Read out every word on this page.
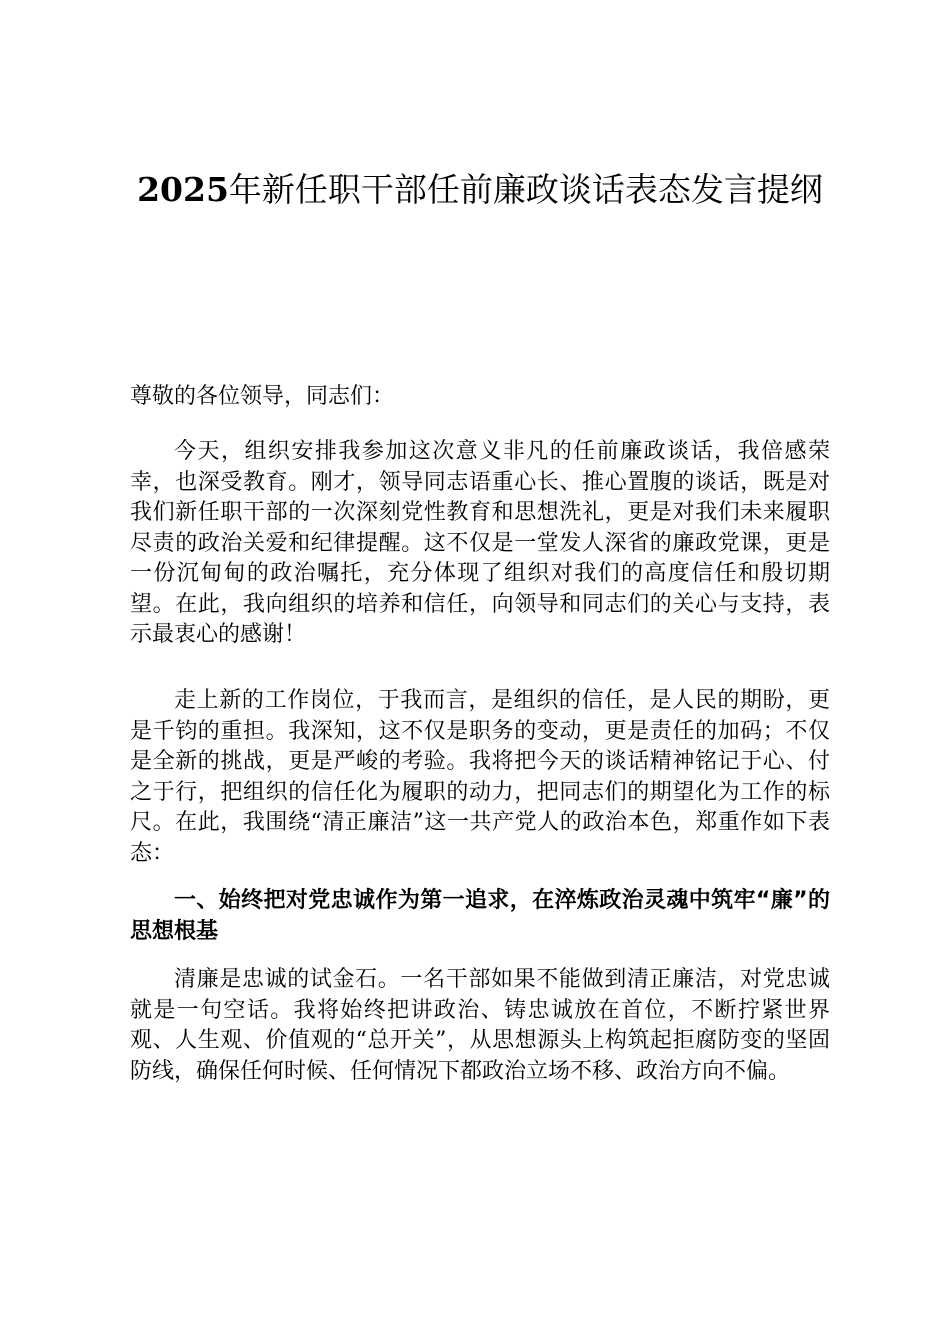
2025年新任职干部任前廉政谈话表态发言提纲

尊敬的各位领导，同志们：

今天，组织安排我参加这次意义非凡的任前廉政谈话，我倍感荣幸，也深受教育。刚才，领导同志语重心长、推心置腹的谈话，既是对我们新任职干部的一次深刻党性教育和思想洗礼，更是对我们未来履职尽责的政治关爱和纪律提醒。这不仅是一堂发人深省的廉政党课，更是一份沉甸甸的政治嘱托，充分体现了组织对我们的高度信任和殷切期望。在此，我向组织的培养和信任，向领导和同志们的关心与支持，表示最衷心的感谢！

走上新的工作岗位，于我而言，是组织的信任，是人民的期盼，更是千钧的重担。我深知，这不仅是职务的变动，更是责任的加码；不仅是全新的挑战，更是严峻的考验。我将把今天的谈话精神铭记于心、付之于行，把组织的信任化为履职的动力，把同志们的期望化为工作的标尺。在此，我围绕“清正廉洁”这一共产党人的政治本色，郑重作如下表态：

一、始终把对党忠诚作为第一追求，在淬炼政治灵魂中筑牢“廉”的思想根基

清廉是忠诚的试金石。一名干部如果不能做到清正廉洁，对党忠诚就是一句空话。我将始终把讲政治、铸忠诚放在首位，不断拧紧世界观、人生观、价值观的“总开关”，从思想源头上构筑起拒腐防变的坚固防线，确保任何时候、任何情况下都政治立场不移、政治方向不偏。
